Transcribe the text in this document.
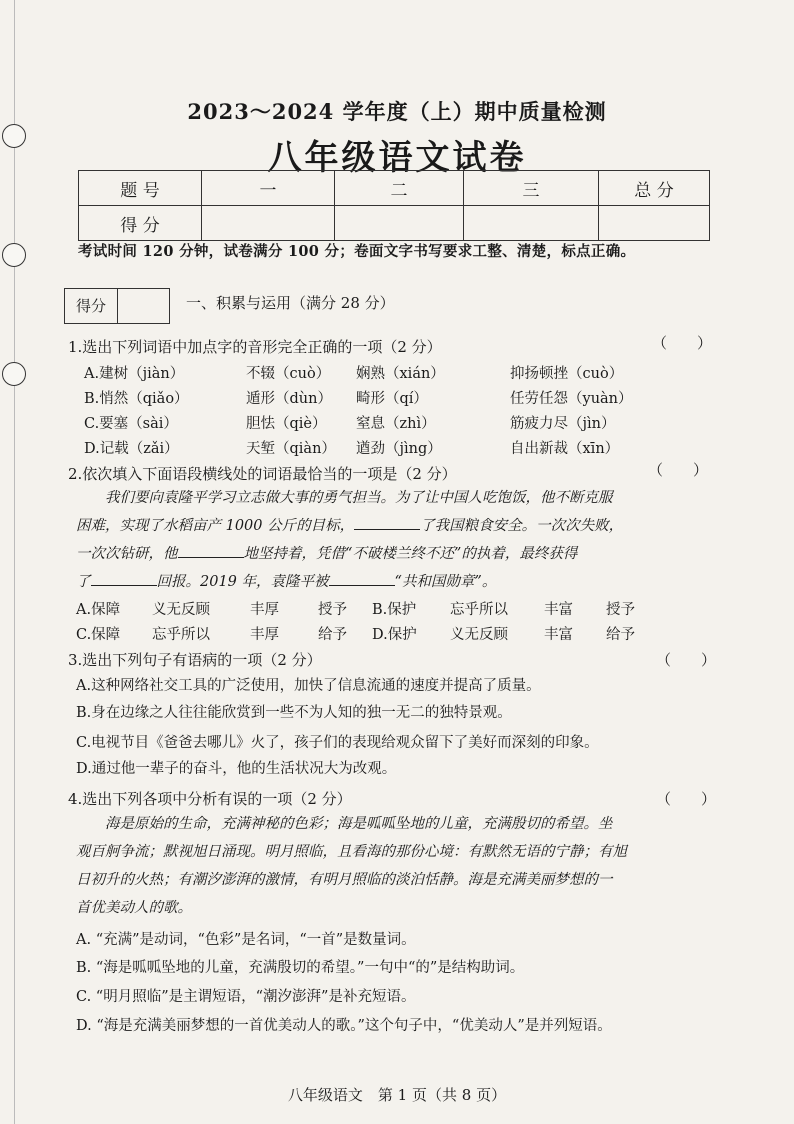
2023～2024 学年度（上）期中质量检测
八年级语文试卷
题 号	一	二	三	总 分
得 分				
考试时间 120 分钟，试卷满分 100 分；卷面文字书写要求工整、清楚，标点正确。
得分	一、积累与运用（满分 28 分）
1.选出下列词语中加点字的音形完全正确的一项（2 分）	（　　）
A.建树（jiàn）	不辍（cuò） 娴熟（xián）	抑扬顿挫（cuò）
B.悄然（qiǎo）	遁形（dùn） 畸形（qí）	任劳任怨（yuàn）
C.要塞（sài）	胆怯（qiè） 窒息（zhì）	筋疲力尽（jìn）
D.记载（zǎi）	天堑（qiàn） 遒劲（jìng）	自出新裁（xīn）
2.依次填入下面语段横线处的词语最恰当的一项是（2 分）	（　　）

我们要向袁隆平学习立志做大事的勇气担当。为了让中国人吃饱饭，他不断克服

困难，实现了水稻亩产 1000 公斤的目标，	了我国粮食安全。一次次失败，
一次次钻研，他	地坚持着，凭借“不破楼兰终不还”的执着，最终获得
了	回报。2019 年，袁隆平被	“共和国勋章”。
A.保障 义无反顾	丰厚	授予 B.保护 忘乎所以 丰富 授予
C.保障 忘乎所以	丰厚	给予 D.保护 义无反顾 丰富 给予
3.选出下列句子有语病的一项（2 分）	（　　）
A.这种网络社交工具的广泛使用，加快了信息流通的速度并提高了质量。
B.身在边缘之人往往能欣赏到一些不为人知的独一无二的独特景观。
C.电视节目《爸爸去哪儿》火了，孩子们的表现给观众留下了美好而深刻的印象。
D.通过他一辈子的奋斗，他的生活状况大为改观。
4.选出下列各项中分析有误的一项（2 分）	（　　）

海是原始的生命，充满神秘的色彩；海是呱呱坠地的儿童，充满殷切的希望。坐

观百舸争流；默视旭日涌现。明月照临，且看海的那份心境：有默然无语的宁静；有旭
日初升的火热；有潮汐澎湃的激情，有明月照临的淡泊恬静。海是充满美丽梦想的一
首优美动人的歌。
A. “充满”是动词，“色彩”是名词，“一首”是数量词。
B. “海是呱呱坠地的儿童，充满殷切的希望。”一句中“的”是结构助词。
C. “明月照临”是主谓短语，“潮汐澎湃”是补充短语。
D. “海是充满美丽梦想的一首优美动人的歌。”这个句子中，“优美动人”是并列短语。
八年级语文　第 1 页（共 8 页）
